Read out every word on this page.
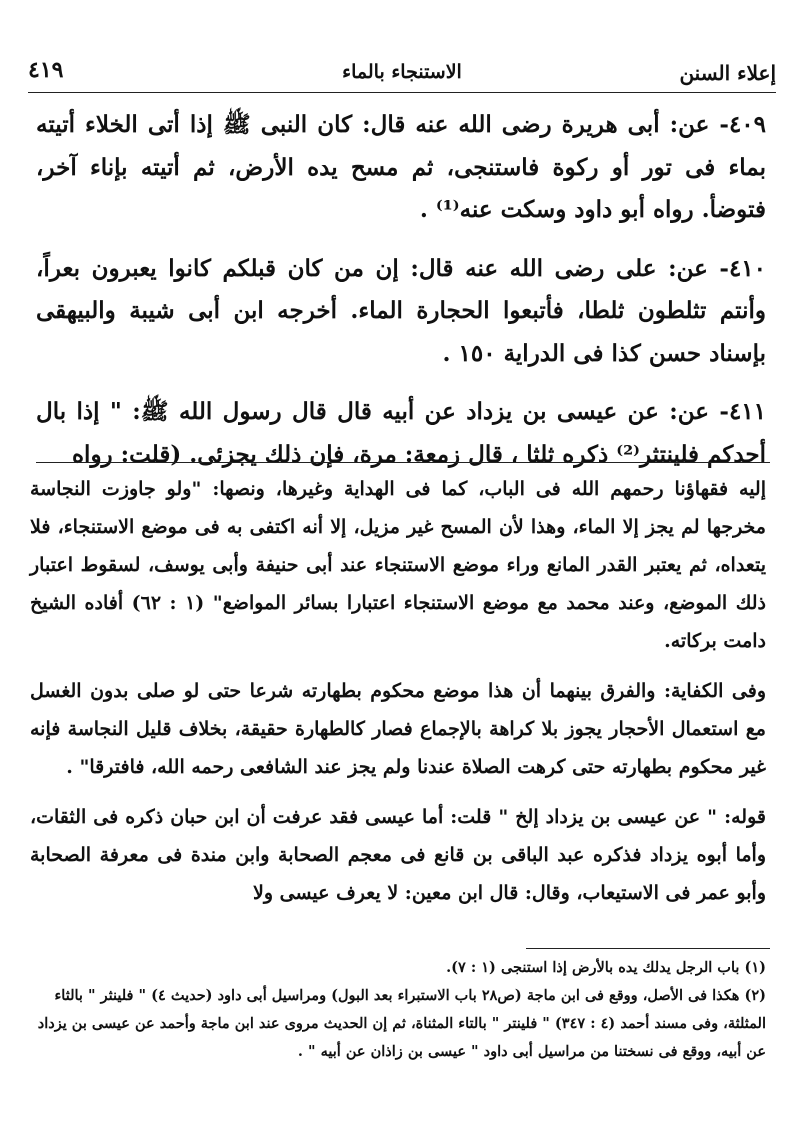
إعلاء السنن
الاستنجاء بالماء
٤١٩

٤٠٩- عن: أبى هريرة رضى الله عنه قال: كان النبى ﷺ إذا أتى الخلاء أتيته بماء فى تور أو ركوة فاستنجى، ثم مسح يده الأرض، ثم أتيته بإناء آخر، فتوضأ. رواه أبو داود وسكت عنه⁽¹⁾ .

٤١٠- عن: على رضى الله عنه قال: إن من كان قبلكم كانوا يعبرون بعراً، وأنتم تثلطون ثلطا، فأتبعوا الحجارة الماء. أخرجه ابن أبى شيبة والبيهقى بإسناد حسن كذا فى الدراية ١٥٠ .

٤١١- عن: عن عيسى بن يزداد عن أبيه قال قال رسول الله ﷺ: " إذا بال أحدكم فلينتثر⁽²⁾ ذكره ثلثا ، قال زمعة: مرة، فإن ذلك يجزئى. (قلت: رواه

إليه فقهاؤنا رحمهم الله فى الباب، كما فى الهداية وغيرها، ونصها: "ولو جاوزت النجاسة مخرجها لم يجز إلا الماء، وهذا لأن المسح غير مزيل، إلا أنه اكتفى به فى موضع الاستنجاء، فلا يتعداه، ثم يعتبر القدر المانع وراء موضع الاستنجاء عند أبى حنيفة وأبى يوسف، لسقوط اعتبار ذلك الموضع، وعند محمد مع موضع الاستنجاء اعتبارا بسائر المواضع" (١ : ٦٢) أفاده الشيخ دامت بركاته.

وفى الكفاية: والفرق بينهما أن هذا موضع محكوم بطهارته شرعا حتى لو صلى بدون الغسل مع استعمال الأحجار يجوز بلا كراهة بالإجماع فصار كالطهارة حقيقة، بخلاف قليل النجاسة فإنه غير محكوم بطهارته حتى كرهت الصلاة عندنا ولم يجز عند الشافعى رحمه الله، فافترقا" .

قوله: " عن عيسى بن يزداد إلخ " قلت: أما عيسى فقد عرفت أن ابن حبان ذكره فى الثقات، وأما أبوه يزداد فذكره عبد الباقى بن قانع فى معجم الصحابة وابن مندة فى معرفة الصحابة وأبو عمر فى الاستيعاب، وقال: قال ابن معين: لا يعرف عيسى ولا

(١) باب الرجل يدلك يده بالأرض إذا استنجى (١ : ٧).

(٢) هكذا فى الأصل، ووقع فى ابن ماجة (ص٢٨ باب الاستبراء بعد البول) ومراسيل أبى داود (حديث ٤) " فلينثر " بالثاء المثلثة، وفى مسند أحمد (٤ : ٣٤٧) " فلينتر " بالتاء المثناة، ثم إن الحديث مروى عند ابن ماجة وأحمد عن عيسى بن يزداد عن أبيه، ووقع فى نسختنا من مراسيل أبى داود " عيسى بن زاذان عن أبيه " .
